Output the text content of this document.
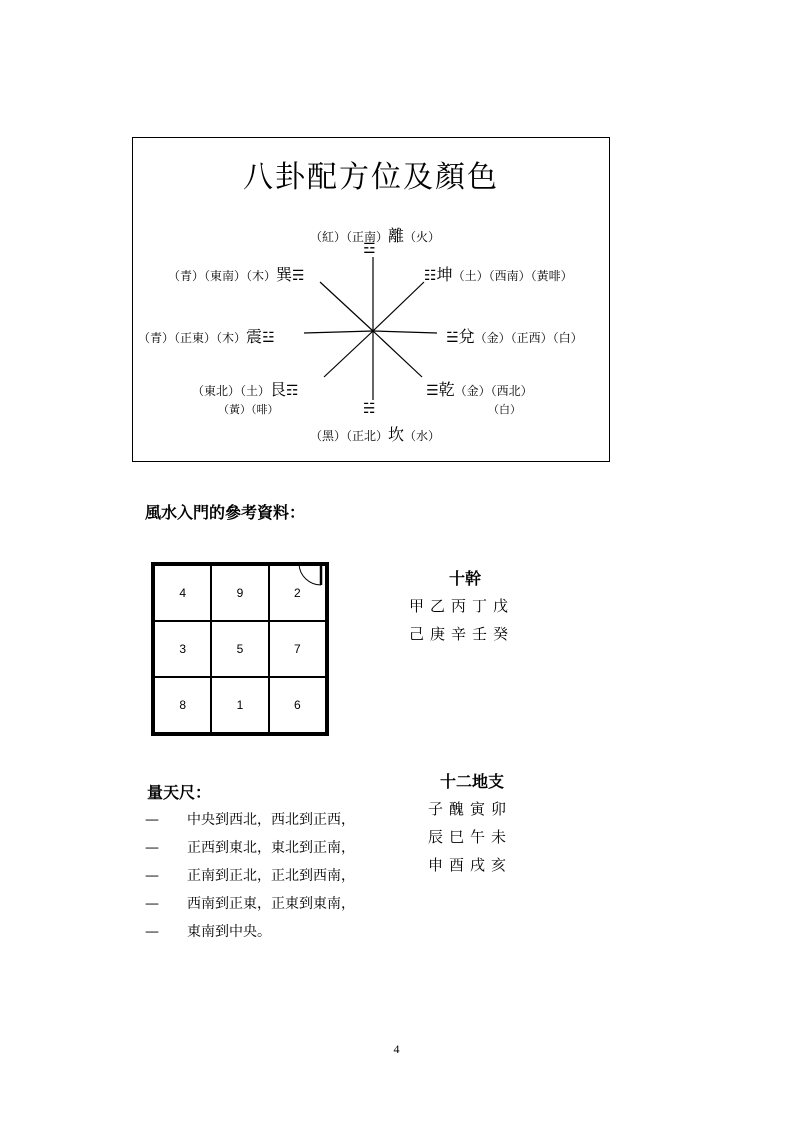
八卦配方位及顏色
（紅）（正南）離（火）
☲
（青）（東南）（木）巽☴	☷坤（土）（西南）（黃啡）
（青）（正東）（木）震☳	☱兌（金）（正西）（白）
（東北）（土）艮☶
（黃）（啡）
☰乾（金）（西北）
（白）
☵
（黑）（正北）坎（水）
風水入門的參考資料：
4	9	2
3	5	7
8	1	6
十幹
甲乙丙丁戊
己庚辛壬癸
十二地支
子醜寅卯
辰巳午未
申酉戌亥
量天尺：
— 中央到西北，西北到正西，
— 正西到東北，東北到正南，
— 正南到正北，正北到西南，
— 西南到正東，正東到東南，
— 東南到中央。
4
